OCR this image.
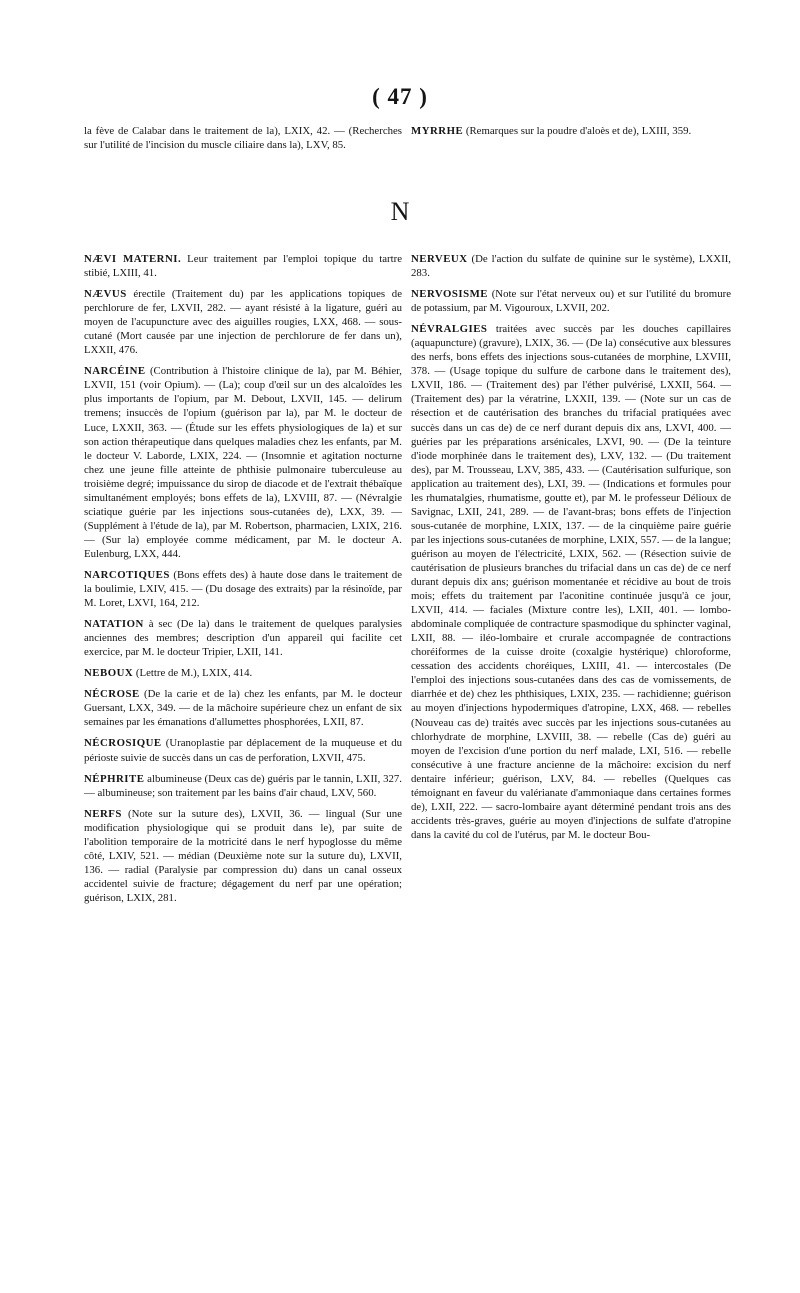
( 47 )

la fève de Calabar dans le traitement de la), LXIX, 42. — (Recherches sur l'utilité de l'incision du muscle ciliaire dans la), LXV, 85.

MYRRHE (Remarques sur la poudre d'aloès et de), LXIII, 359.

N

NÆVI MATERNI. Leur traitement par l'emploi topique du tartre stibié, LXIII, 41.

NÆVUS érectile (Traitement du) par les applications topiques de perchlorure de fer, LXVII, 282. — ayant résisté à la ligature, guéri au moyen de l'acupuncture avec des aiguilles rougies, LXX, 468. — sous-cutané (Mort causée par une injection de perchlorure de fer dans un), LXXII, 476.

NARCÉINE (Contribution à l'histoire clinique de la), par M. Béhier, LXVII, 151 (voir Opium). — (La); coup d'œil sur un des alcaloïdes les plus importants de l'opium, par M. Debout, LXVII, 145. — delirum tremens; insuccès de l'opium (guérison par la), par M. le docteur de Luce, LXXII, 363. — (Étude sur les effets physiologiques de la) et sur son action thérapeutique dans quelques maladies chez les enfants, par M. le docteur V. Laborde, LXIX, 224. — (Insomnie et agitation nocturne chez une jeune fille atteinte de phthisie pulmonaire tuberculeuse au troisième degré; impuissance du sirop de diacode et de l'extrait thébaïque simultanément employés; bons effets de la), LXVIII, 87. — (Névralgie sciatique guérie par les injections sous-cutanées de), LXX, 39. — (Supplément à l'étude de la), par M. Robertson, pharmacien, LXIX, 216. — (Sur la) employée comme médicament, par M. le docteur A. Eulenburg, LXX, 444.

NARCOTIQUES (Bons effets des) à haute dose dans le traitement de la boulimie, LXIV, 415. — (Du dosage des extraits) par la résinoïde, par M. Loret, LXVI, 164, 212.

NATATION à sec (De la) dans le traitement de quelques paralysies anciennes des membres; description d'un appareil qui facilite cet exercice, par M. le docteur Tripier, LXII, 141.

NEBOUX (Lettre de M.), LXIX, 414.

NÉCROSE (De la carie et de la) chez les enfants, par M. le docteur Guersant, LXX, 349. — de la mâchoire supérieure chez un enfant de six semaines par les émanations d'allumettes phosphorées, LXII, 87.

NÉCROSIQUE (Uranoplastie par déplacement de la muqueuse et du périoste suivie de succès dans un cas de perforation, LXVII, 475.

NÉPHRITE albumineuse (Deux cas de) guéris par le tannin, LXII, 327. — albumineuse; son traitement par les bains d'air chaud, LXV, 560.

NERFS (Note sur la suture des), LXVII, 36. — lingual (Sur une modification physiologique qui se produit dans le), par suite de l'abolition temporaire de la motricité dans le nerf hypoglosse du même côté, LXIV, 521. — médian (Deuxième note sur la suture du), LXVII, 136. — radial (Paralysie par compression du) dans un canal osseux accidentel suivie de fracture; dégagement du nerf par une opération; guérison, LXIX, 281.

NERVEUX (De l'action du sulfate de quinine sur le système), LXXII, 283.

NERVOSISME (Note sur l'état nerveux ou) et sur l'utilité du bromure de potassium, par M. Vigouroux, LXVII, 202.

NÉVRALGIES traitées avec succès par les douches capillaires (aquapuncture) (gravure), LXIX, 36. — (De la) consécutive aux blessures des nerfs, bons effets des injections sous-cutanées de morphine, LXVIII, 378. — (Usage topique du sulfure de carbone dans le traitement des), LXVII, 186. — (Traitement des) par l'éther pulvérisé, LXXII, 564. — (Traitement des) par la vératrine, LXXII, 139. — (Note sur un cas de résection et de cautérisation des branches du trifacial pratiquées avec succès dans un cas de) de ce nerf durant depuis dix ans, LXVI, 400. — guéries par les préparations arsénicales, LXVI, 90. — (De la teinture d'iode morphinée dans le traitement des), LXV, 132. — (Du traitement des), par M. Trousseau, LXV, 385, 433. — (Cautérisation sulfurique, son application au traitement des), LXI, 39. — (Indications et formules pour les rhumatalgies, rhumatisme, goutte et), par M. le professeur Délioux de Savignac, LXII, 241, 289. — de l'avant-bras; bons effets de l'injection sous-cutanée de morphine, LXIX, 137. — de la cinquième paire guérie par les injections sous-cutanées de morphine, LXIX, 557. — de la langue; guérison au moyen de l'électricité, LXIX, 562. — (Résection suivie de cautérisation de plusieurs branches du trifacial dans un cas de) de ce nerf durant depuis dix ans; guérison momentanée et récidive au bout de trois mois; effets du traitement par l'aconitine continuée jusqu'à ce jour, LXVII, 414. — faciales (Mixture contre les), LXII, 401. — lombo-abdominale compliquée de contracture spasmodique du sphincter vaginal, LXII, 88. — iléo-lombaire et crurale accompagnée de contractions choréiformes de la cuisse droite (coxalgie hystérique) chloroforme, cessation des accidents choréiques, LXIII, 41. — intercostales (De l'emploi des injections sous-cutanées dans des cas de vomissements, de diarrhée et de) chez les phthisiques, LXIX, 235. — rachidienne; guérison au moyen d'injections hypodermiques d'atropine, LXX, 468. — rebelles (Nouveau cas de) traités avec succès par les injections sous-cutanées au chlorhydrate de morphine, LXVIII, 38. — rebelle (Cas de) guéri au moyen de l'excision d'une portion du nerf malade, LXI, 516. — rebelle consécutive à une fracture ancienne de la mâchoire: excision du nerf dentaire inférieur; guérison, LXV, 84. — rebelles (Quelques cas témoignant en faveur du valérianate d'ammoniaque dans certaines formes de), LXII, 222. — sacro-lombaire ayant déterminé pendant trois ans des accidents très-graves, guérie au moyen d'injections de sulfate d'atropine dans la cavité du col de l'utérus, par M. le docteur Bou-
